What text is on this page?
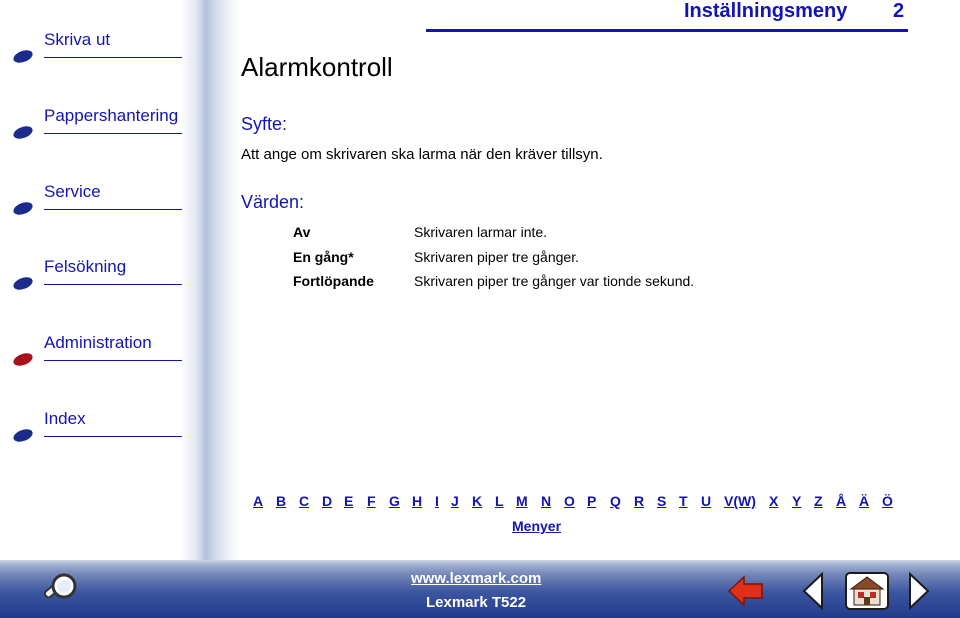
Skriva ut
Pappershantering
Service
Felsökning
Administration
Index
Inställningsmeny 2
Alarmkontroll
Syfte:
Att ange om skrivaren ska larma när den kräver tillsyn.
Värden:
Av	Skrivaren larmar inte.
En gång*	Skrivaren piper tre gånger.
Fortlöpande	Skrivaren piper tre gånger var tionde sekund.
A B C D E F G H I J K L M N O P Q R S T U V(W) X Y Z Å Ä Ö
Menyer
www.lexmark.com
Lexmark T522
